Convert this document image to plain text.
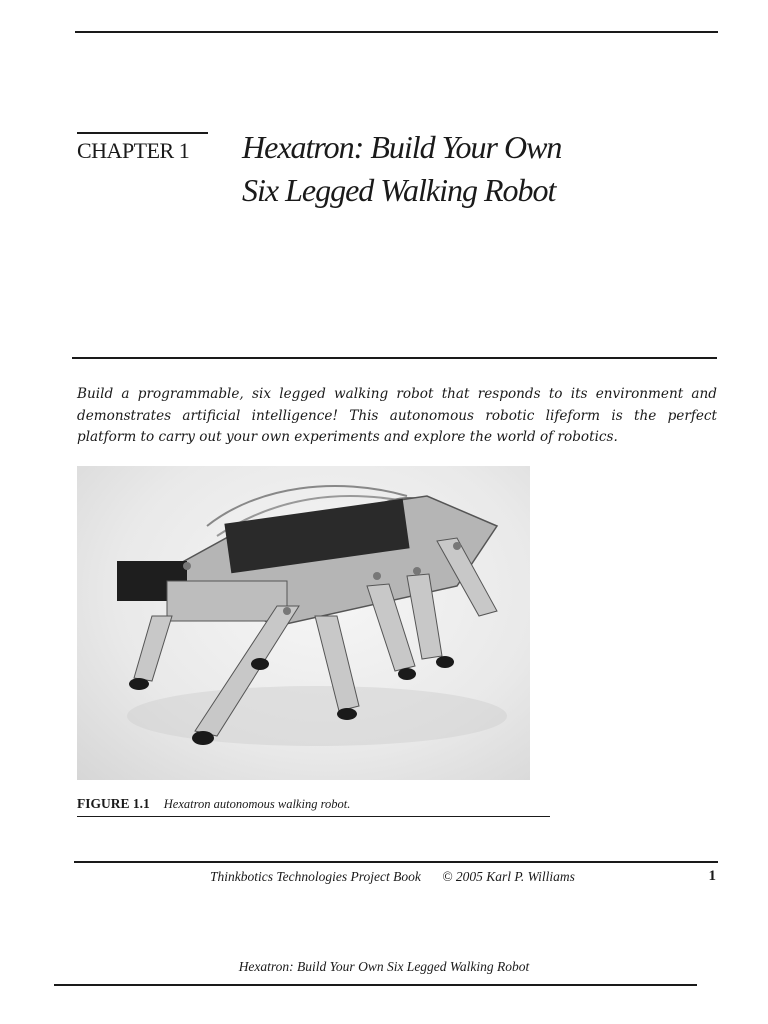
CHAPTER 1	Hexatron: Build Your Own Six Legged Walking Robot

Build a programmable, six legged walking robot that responds to its environment and demonstrates artificial intelligence! This autonomous robotic lifeform is the perfect platform to carry out your own experiments and explore the world of robotics.

FIGURE 1.1 Hexatron autonomous walking robot.
Thinkbotics Technologies Project Book © 2005 Karl P. Williams	1
Hexatron: Build Your Own Six Legged Walking Robot
